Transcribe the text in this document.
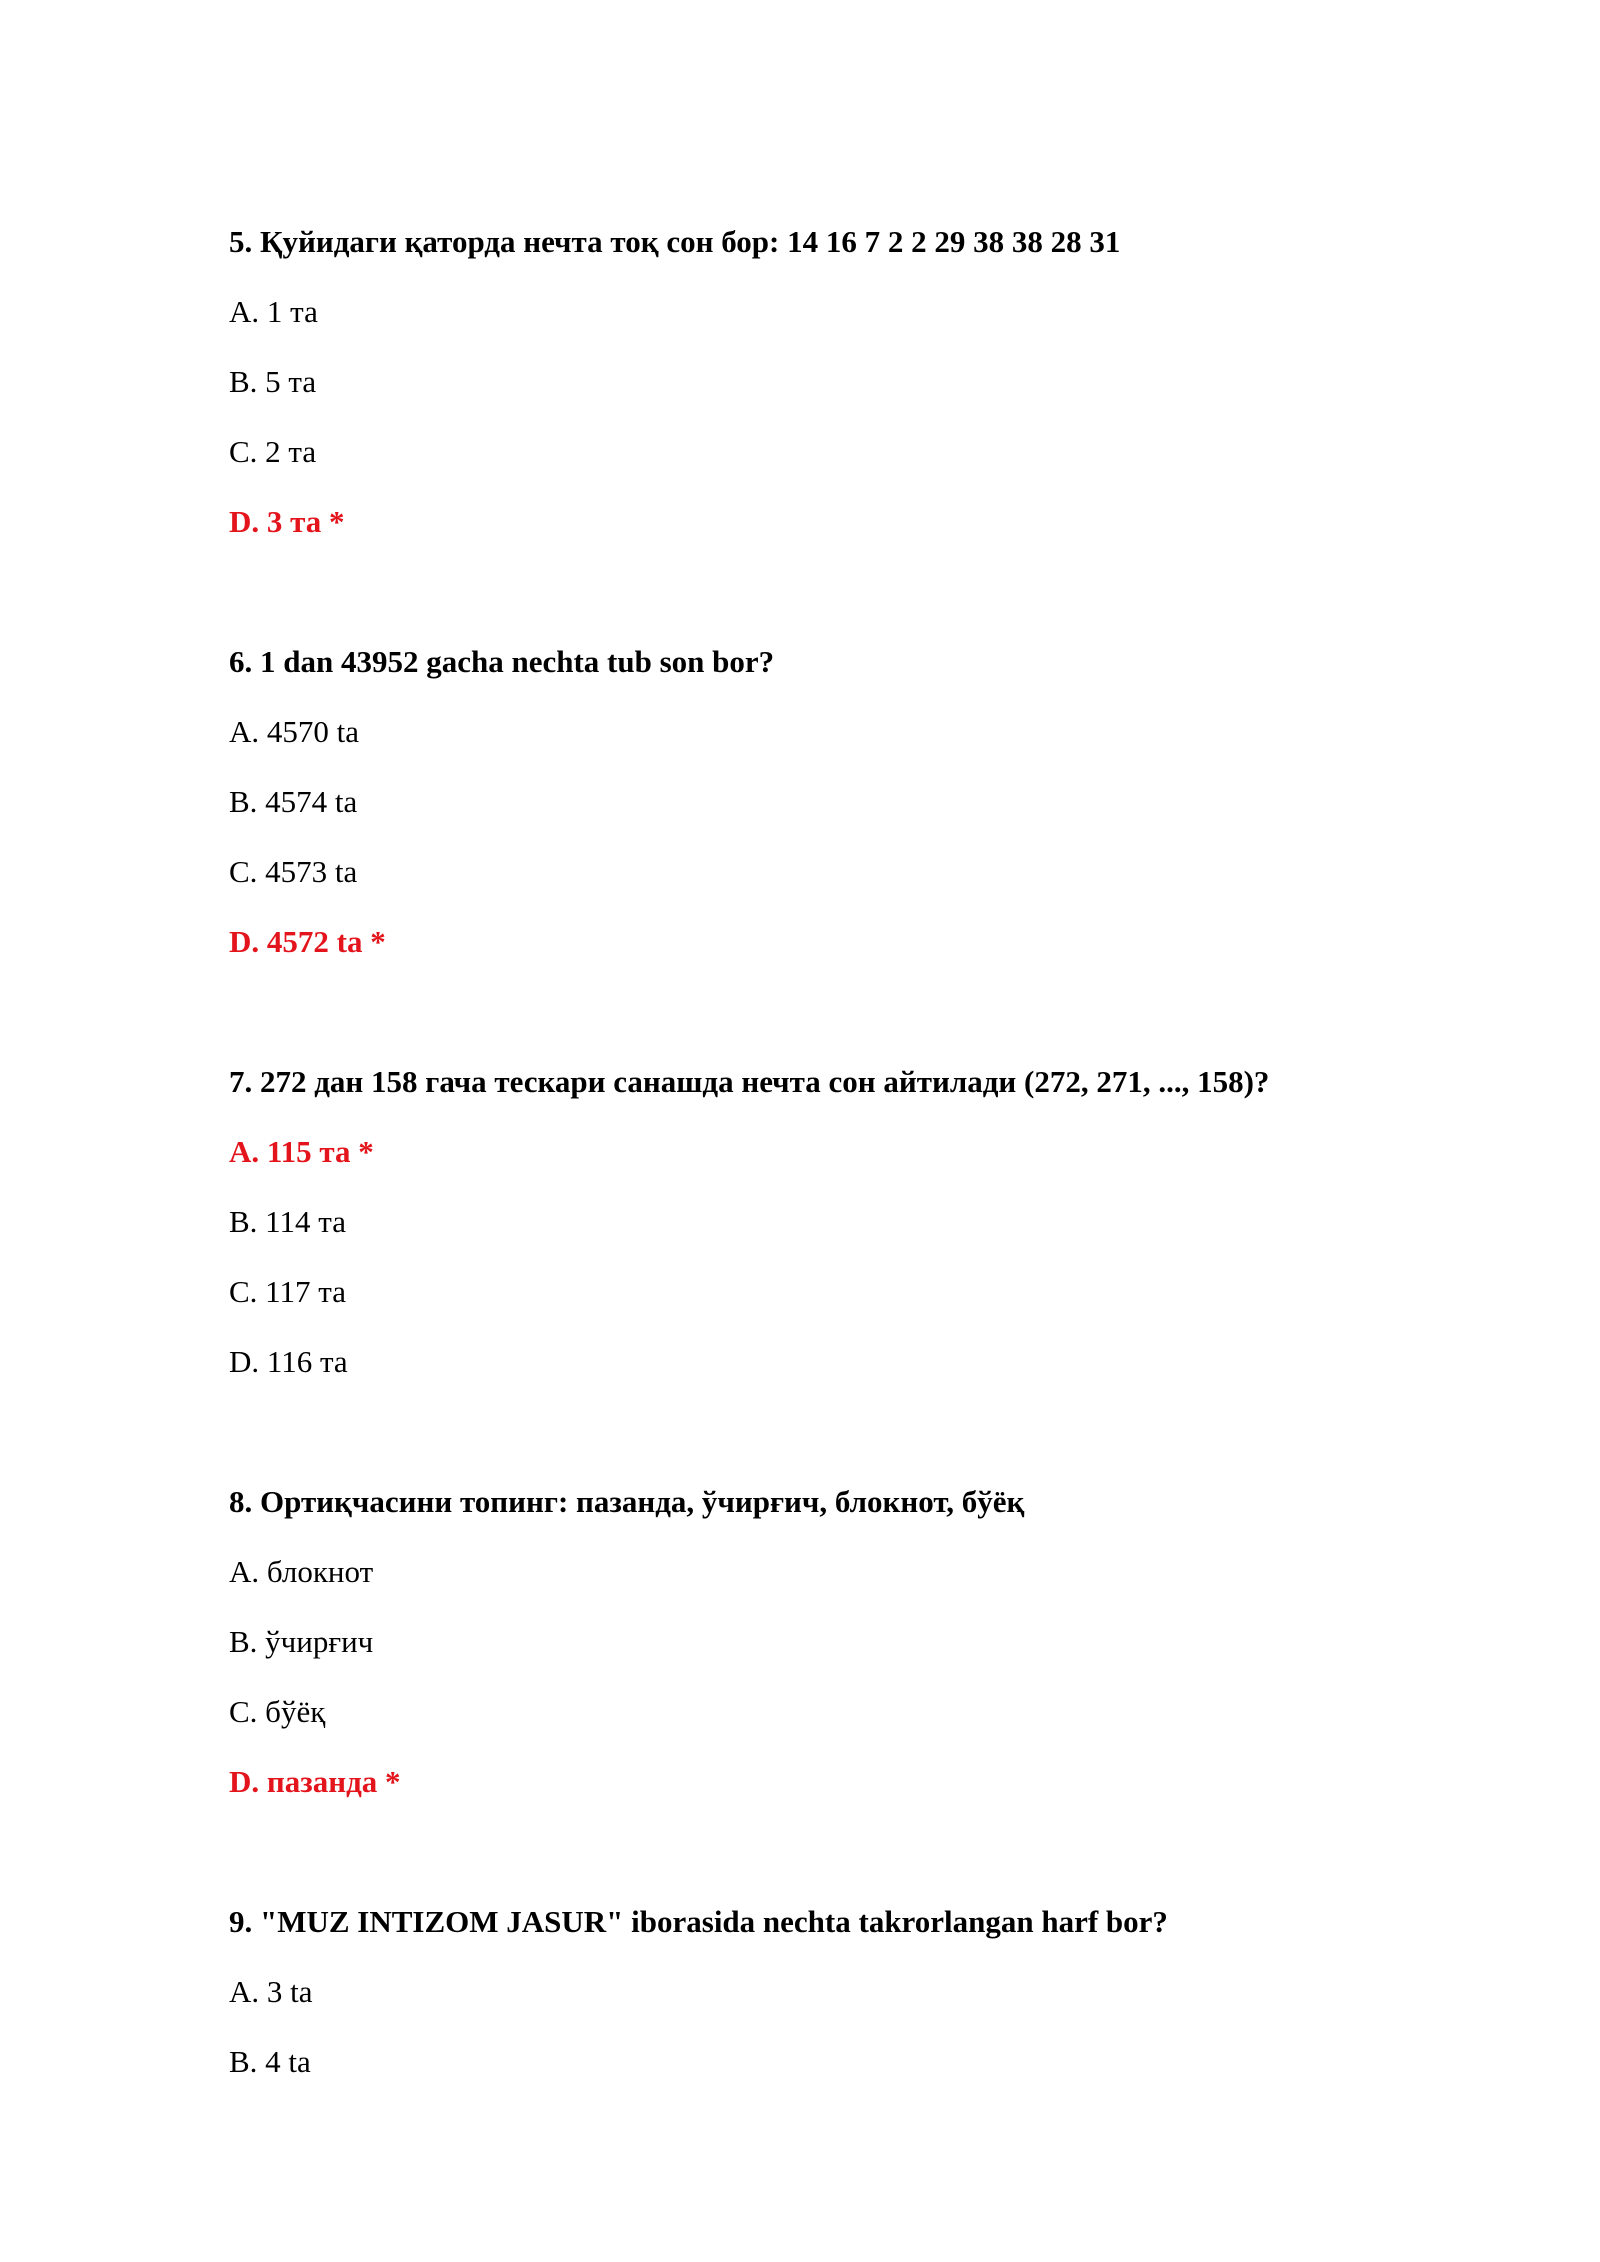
5. Қуйидаги қаторда нечта тоқ сон бор: 14 16 7 2 2 29 38 38 28 31
A. 1 та
B. 5 та
C. 2 та
D. 3 та *
6. 1 dan 43952 gacha nechta tub son bor?
A. 4570 ta
B. 4574 ta
C. 4573 ta
D. 4572 ta *
7. 272 дан 158 гача тескари санашда нечта сон айтилади (272, 271, ..., 158)?
A. 115 та *
B. 114 та
C. 117 та
D. 116 та
8. Ортиқчасини топинг: пазанда, ўчирғич, блокнот, бўёқ
A. блокнот
B. ўчирғич
C. бўёқ
D. пазанда *
9. "MUZ INTIZOM JASUR" iborasida nechta takrorlangan harf bor?
A. 3 ta
B. 4 ta
